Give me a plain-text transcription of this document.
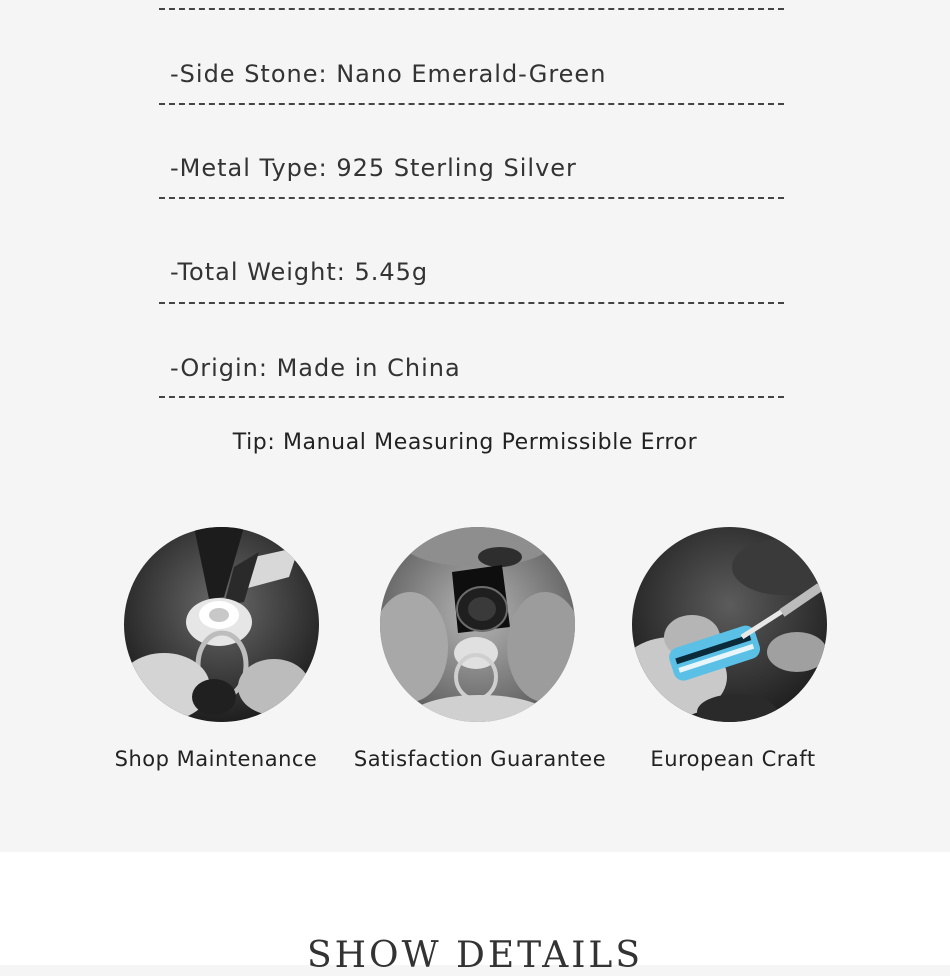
-Side Stone: Nano Emerald-Green
-Metal Type: 925 Sterling Silver
-Total Weight: 5.45g
-Origin: Made in China
Tip: Manual Measuring Permissible Error
Shop Maintenance Satisfaction Guarantee European Craft
SHOW DETAILS
